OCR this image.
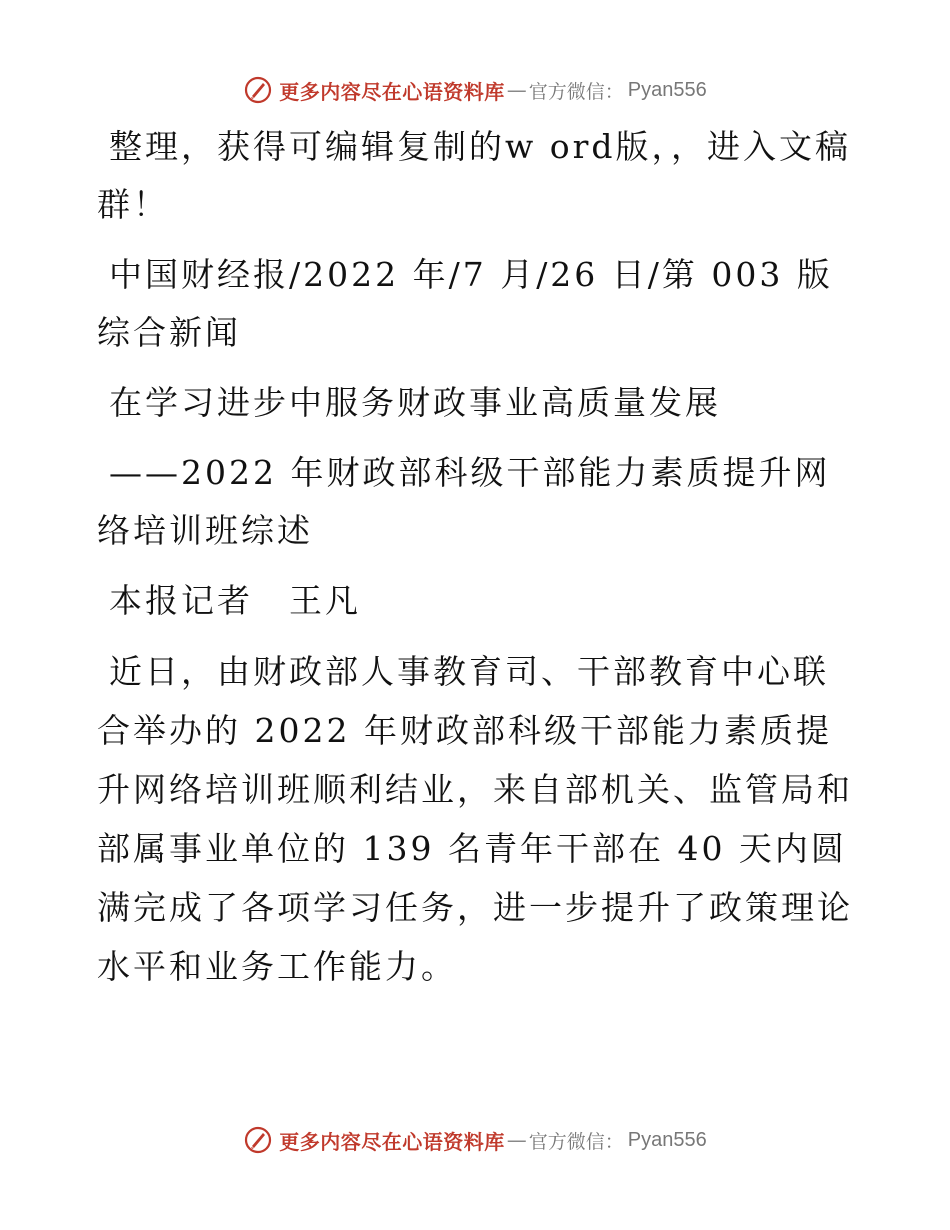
更多内容尽在心语资料库 — 官方微信： Pyan556

整理，获得可编辑复制的w ord版，，进入文稿群！

中国财经报/2022 年/7 月/26 日/第 003 版综合新闻

在学习进步中服务财政事业高质量发展

——2022 年财政部科级干部能力素质提升网络培训班综述

本报记者　王凡

近日，由财政部人事教育司、干部教育中心联合举办的 2022 年财政部科级干部能力素质提升网络培训班顺利结业，来自部机关、监管局和部属事业单位的 139 名青年干部在 40 天内圆满完成了各项学习任务，进一步提升了政策理论水平和业务工作能力。

更多内容尽在心语资料库 — 官方微信： Pyan556
